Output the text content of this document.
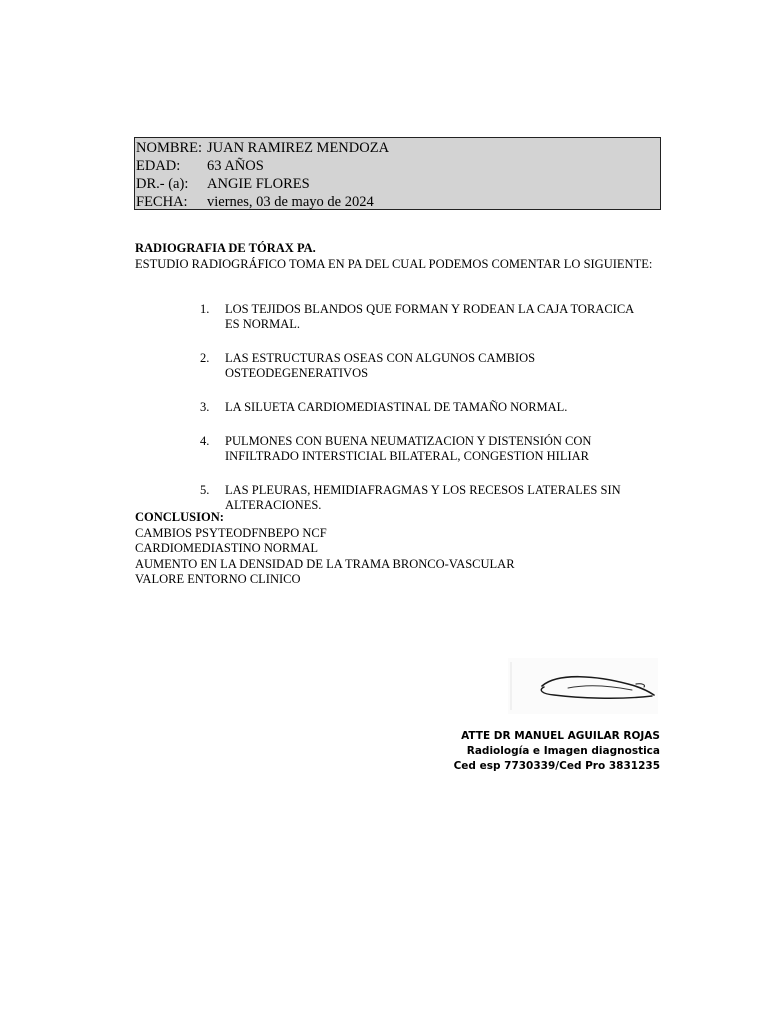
NOMBRE: JUAN RAMIREZ MENDOZA
EDAD:	63 AÑOS
DR.- (a):	ANGIE FLORES
FECHA:	viernes, 03 de mayo de 2024
RADIOGRAFIA DE TÓRAX PA.
ESTUDIO RADIOGRÁFICO TOMA EN PA DEL CUAL PODEMOS COMENTAR LO SIGUIENTE:
1.	LOS TEJIDOS BLANDOS QUE FORMAN Y RODEAN LA CAJA TORACICA ES NORMAL.
2.	LAS ESTRUCTURAS OSEAS CON ALGUNOS CAMBIOS OSTEODEGENERATIVOS
3.	LA SILUETA CARDIOMEDIASTINAL DE TAMAÑO NORMAL.
4.	PULMONES CON BUENA NEUMATIZACION Y DISTENSIÓN CON INFILTRADO INTERSTICIAL BILATERAL, CONGESTION HILIAR
5.	LAS PLEURAS, HEMIDIAFRAGMAS Y LOS RECESOS LATERALES SIN ALTERACIONES.
CONCLUSION:
CAMBIOS PSYTEODFNBEPO NCF
CARDIOMEDIASTINO NORMAL
AUMENTO EN LA DENSIDAD DE LA TRAMA BRONCO-VASCULAR
VALORE ENTORNO CLINICO
ATTE DR MANUEL AGUILAR ROJAS
Radiología e Imagen diagnostica
Ced esp 7730339/Ced Pro 3831235
